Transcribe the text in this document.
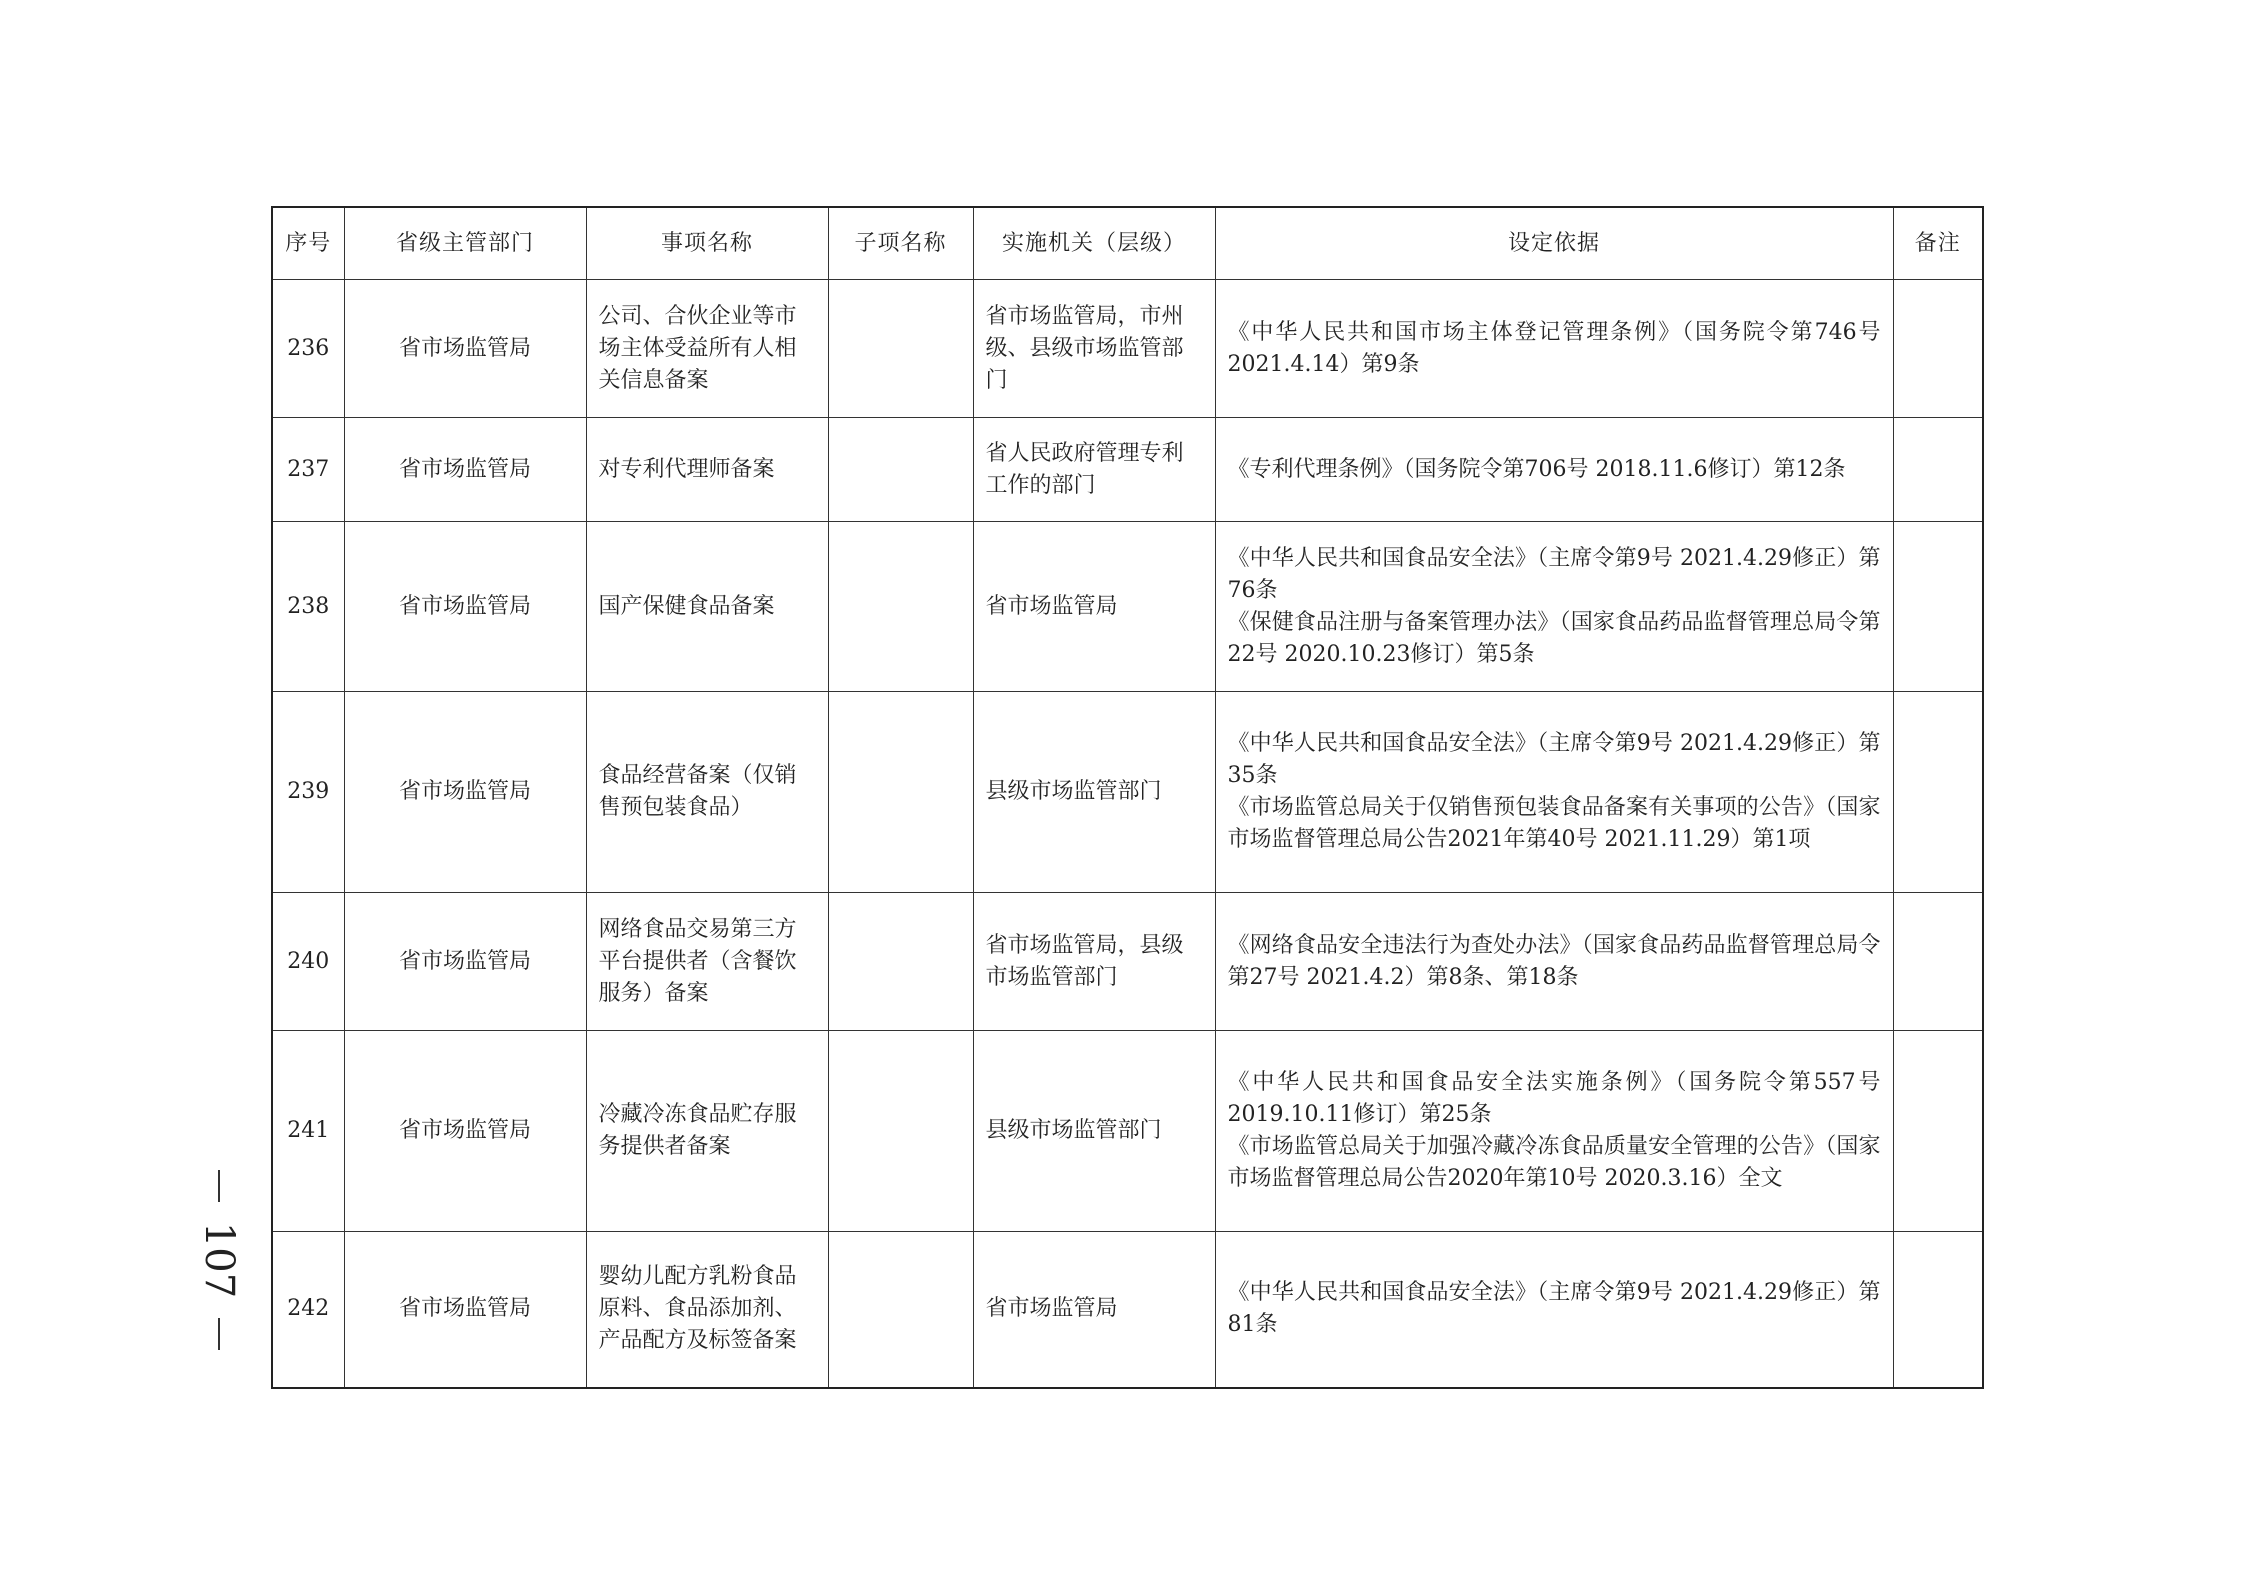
序号	省级主管部门	事项名称	子项名称	实施机关（层级）	设定依据	备注
236	省市场监管局	公司、合伙企业等市场主体受益所有人相关信息备案		省市场监管局，市州级、县级市场监管部门	《中华人民共和国市场主体登记管理条例》（国务院令第746号 2021.4.14）第9条	

237	省市场监管局	对专利代理师备案		省人民政府管理专利工作的部门	《专利代理条例》（国务院令第706号 2018.11.6修订）第12条	

238	省市场监管局	国产保健食品备案		省市场监管局	《中华人民共和国食品安全法》（主席令第9号 2021.4.29修正）第76条
《保健食品注册与备案管理办法》（国家食品药品监督管理总局令第22号 2020.10.23修订）第5条	

239	省市场监管局	食品经营备案（仅销售预包装食品）		县级市场监管部门	《中华人民共和国食品安全法》（主席令第9号 2021.4.29修正）第35条
《市场监管总局关于仅销售预包装食品备案有关事项的公告》（国家市场监督管理总局公告2021年第40号 2021.11.29）第1项	

240	省市场监管局	网络食品交易第三方平台提供者（含餐饮服务）备案		省市场监管局，县级市场监管部门	《网络食品安全违法行为查处办法》（国家食品药品监督管理总局令第27号 2021.4.2）第8条、第18条	

241	省市场监管局	冷藏冷冻食品贮存服务提供者备案		县级市场监管部门	《中华人民共和国食品安全法实施条例》（国务院令第557号 2019.10.11修订）第25条
《市场监管总局关于加强冷藏冷冻食品质量安全管理的公告》（国家市场监督管理总局公告2020年第10号 2020.3.16）全文	

242	省市场监管局	婴幼儿配方乳粉食品原料、食品添加剂、产品配方及标签备案		省市场监管局	《中华人民共和国食品安全法》（主席令第9号 2021.4.29修正）第81条	

107
